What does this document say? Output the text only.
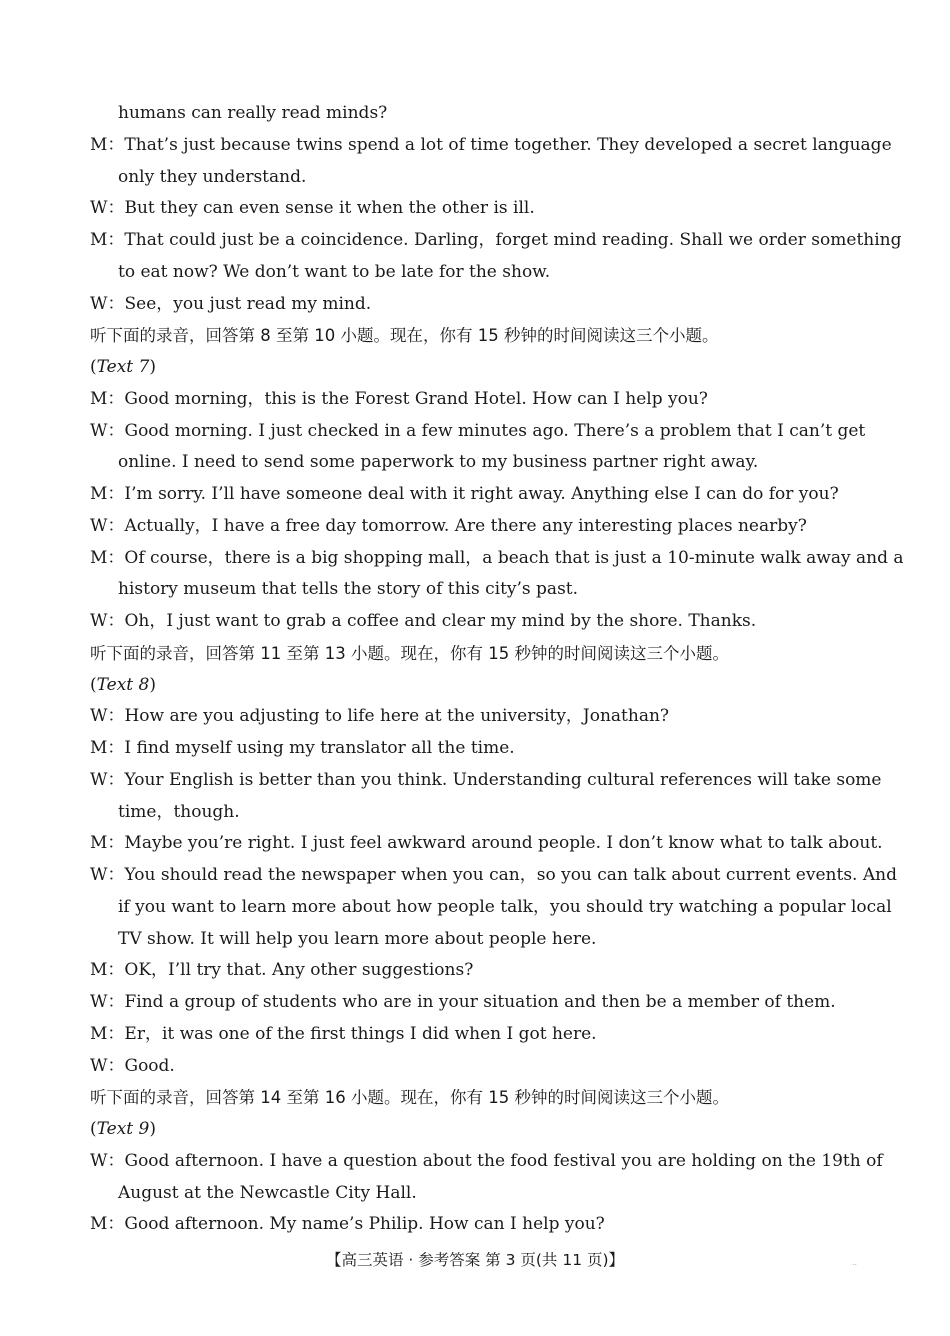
humans can really read minds?
M：That’s just because twins spend a lot of time together. They developed a secret language
only they understand.
W：But they can even sense it when the other is ill.
M：That could just be a coincidence. Darling，forget mind reading. Shall we order something
to eat now? We don’t want to be late for the show.
W：See，you just read my mind.
听下面的录音，回答第 8 至第 10 小题。现在，你有 15 秒钟的时间阅读这三个小题。
(Text 7)
M：Good morning，this is the Forest Grand Hotel. How can I help you?
W：Good morning. I just checked in a few minutes ago. There’s a problem that I can’t get
online. I need to send some paperwork to my business partner right away.
M：I’m sorry. I’ll have someone deal with it right away. Anything else I can do for you?
W：Actually，I have a free day tomorrow. Are there any interesting places nearby?
M：Of course，there is a big shopping mall，a beach that is just a 10-minute walk away and a
history museum that tells the story of this city’s past.
W：Oh，I just want to grab a coffee and clear my mind by the shore. Thanks.
听下面的录音，回答第 11 至第 13 小题。现在，你有 15 秒钟的时间阅读这三个小题。
(Text 8)
W：How are you adjusting to life here at the university，Jonathan?
M：I find myself using my translator all the time.
W：Your English is better than you think. Understanding cultural references will take some
time，though.
M：Maybe you’re right. I just feel awkward around people. I don’t know what to talk about.
W：You should read the newspaper when you can，so you can talk about current events. And
if you want to learn more about how people talk，you should try watching a popular local
TV show. It will help you learn more about people here.
M：OK，I’ll try that. Any other suggestions?
W：Find a group of students who are in your situation and then be a member of them.
M：Er，it was one of the first things I did when I got here.
W：Good.
听下面的录音，回答第 14 至第 16 小题。现在，你有 15 秒钟的时间阅读这三个小题。
(Text 9)
W：Good afternoon. I have a question about the food festival you are holding on the 19th of
August at the Newcastle City Hall.
M：Good afternoon. My name’s Philip. How can I help you?
【高三英语 · 参考答案 第 3 页(共 11 页)】	..
